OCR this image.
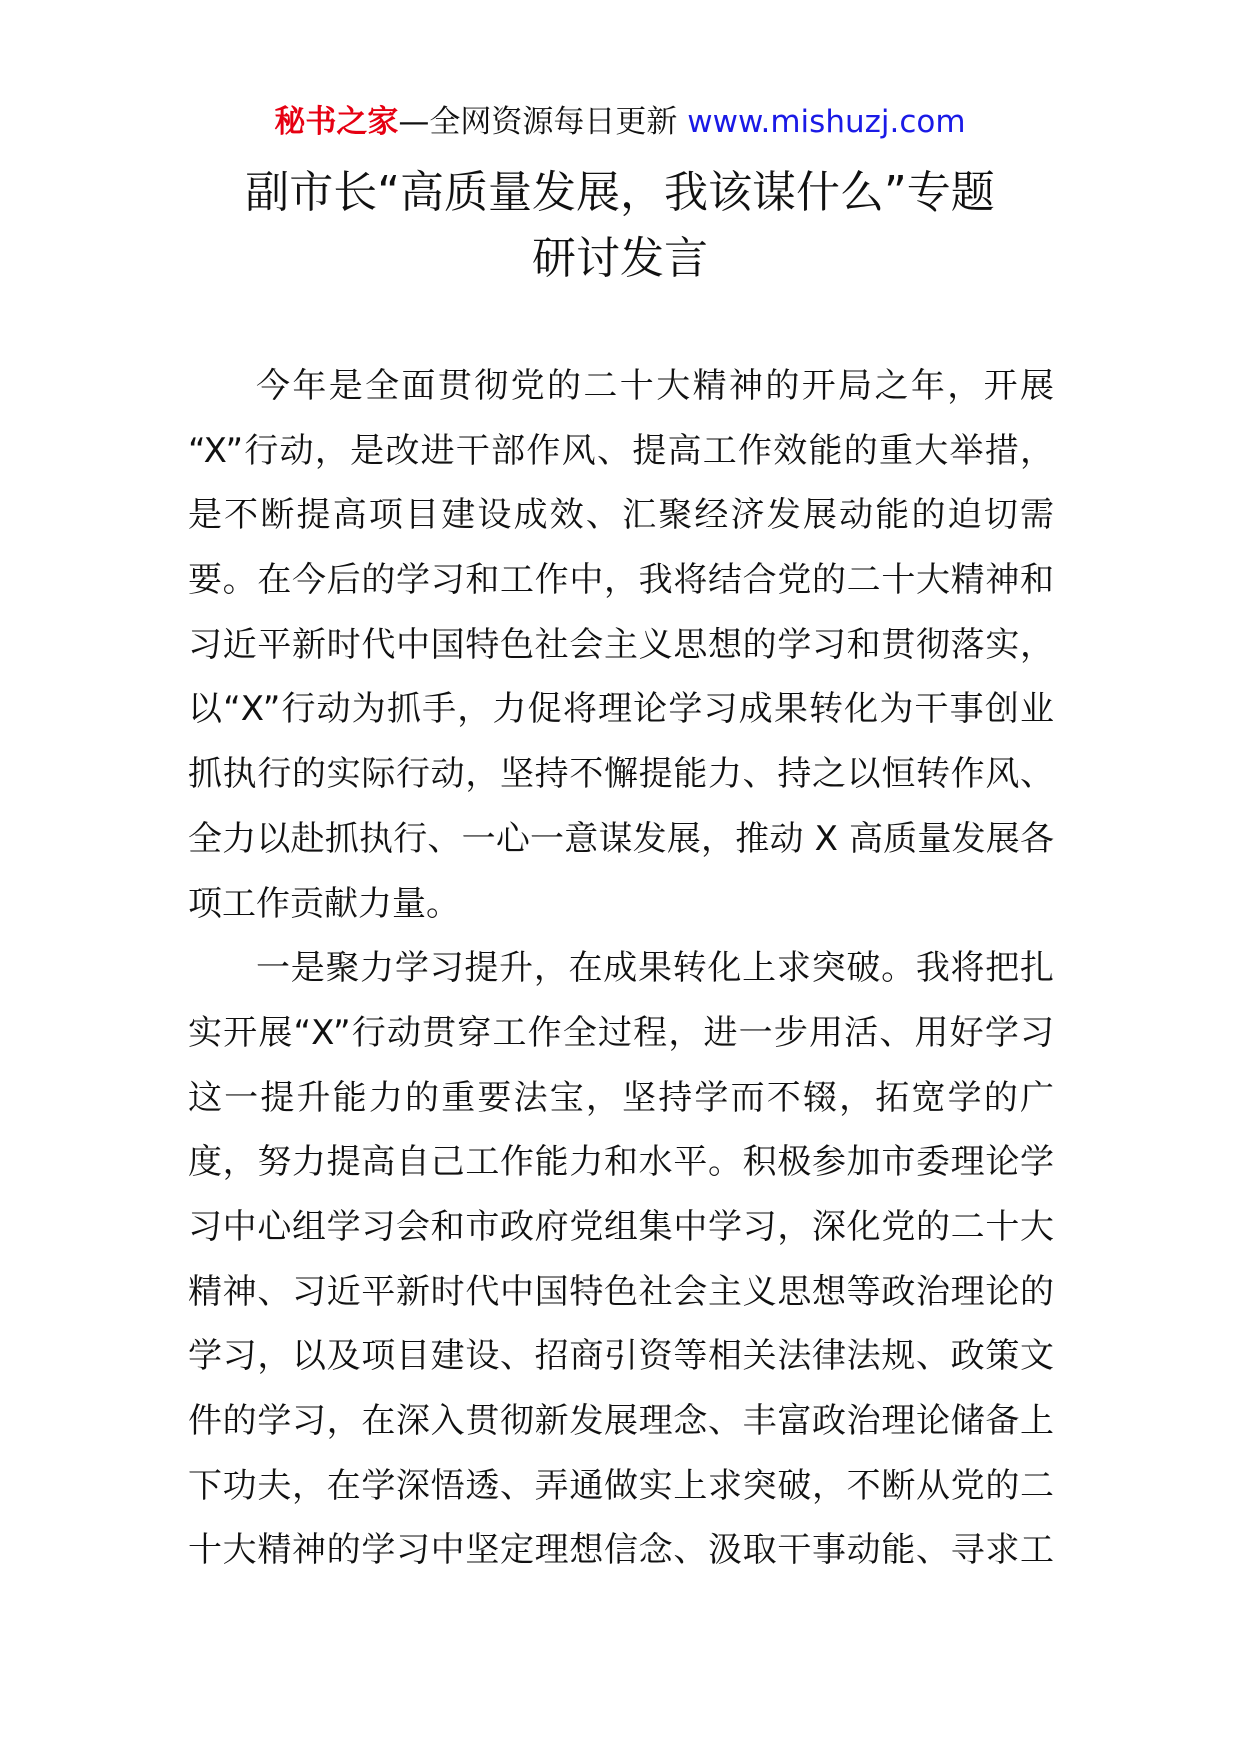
秘书之家—全网资源每日更新 www.mishuzj.com
副市长“高质量发展，我该谋什么”专题
研讨发言
今年是全面贯彻党的二十大精神的开局之年，开展
“X”行动，是改进干部作风、提高工作效能的重大举措，
是不断提高项目建设成效、汇聚经济发展动能的迫切需
要。在今后的学习和工作中，我将结合党的二十大精神和
习近平新时代中国特色社会主义思想的学习和贯彻落实，
以“X”行动为抓手，力促将理论学习成果转化为干事创业
抓执行的实际行动，坚持不懈提能力、持之以恒转作风、
全力以赴抓执行、一心一意谋发展，推动 X 高质量发展各
项工作贡献力量。
一是聚力学习提升，在成果转化上求突破。我将把扎
实开展“X”行动贯穿工作全过程，进一步用活、用好学习
这一提升能力的重要法宝，坚持学而不辍，拓宽学的广
度，努力提高自己工作能力和水平。积极参加市委理论学
习中心组学习会和市政府党组集中学习，深化党的二十大
精神、习近平新时代中国特色社会主义思想等政治理论的
学习，以及项目建设、招商引资等相关法律法规、政策文
件的学习，在深入贯彻新发展理念、丰富政治理论储备上
下功夫，在学深悟透、弄通做实上求突破，不断从党的二
十大精神的学习中坚定理想信念、汲取干事动能、寻求工
